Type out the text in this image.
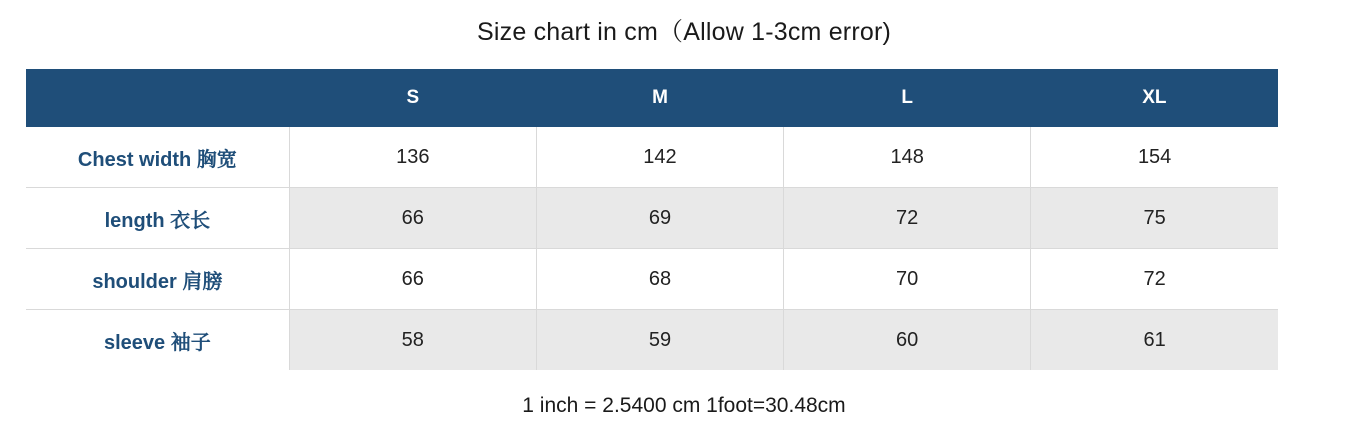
Size chart in cm（Allow 1-3cm error)
	S	M	L	XL
Chest width 胸宽	136	142	148	154
length 衣长	66	69	72	75
shoulder 肩膀	66	68	70	72
sleeve 袖子	58	59	60	61
1 inch = 2.5400 cm 1foot=30.48cm
